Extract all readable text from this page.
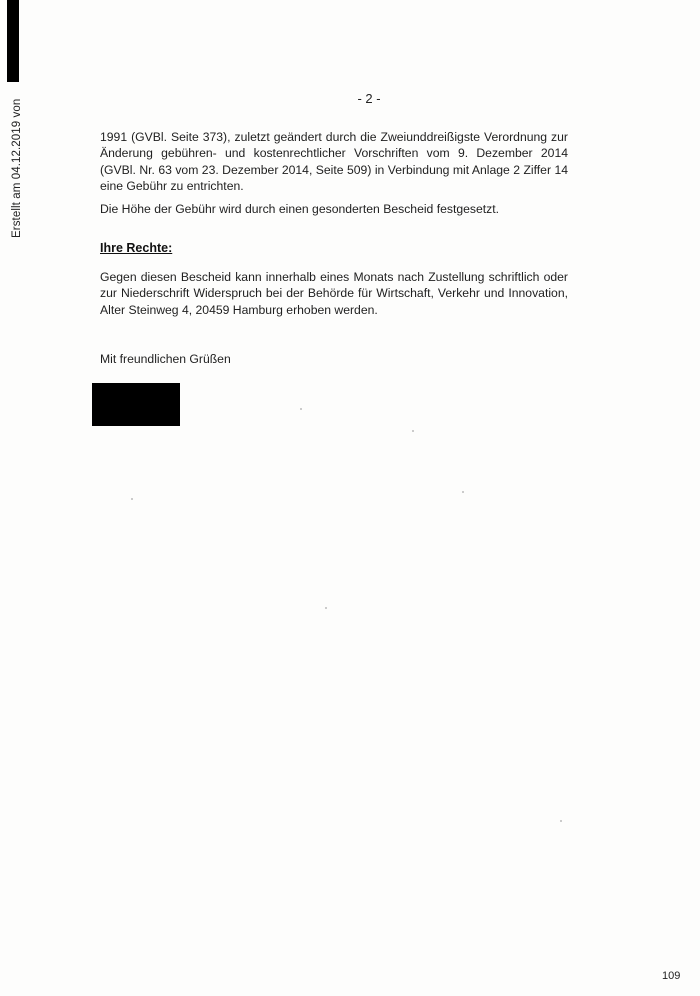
Erstellt am 04.12.2019 von
- 2 -
1991 (GVBl. Seite 373), zuletzt geändert durch die Zweiunddreißigste Verordnung zur Änderung gebühren- und kostenrechtlicher Vorschriften vom 9. Dezember 2014 (GVBl. Nr. 63 vom 23. Dezember 2014, Seite 509) in Verbindung mit Anlage 2 Ziffer 14 eine Gebühr zu entrichten.
Die Höhe der Gebühr wird durch einen gesonderten Bescheid festgesetzt.
Ihre Rechte:
Gegen diesen Bescheid kann innerhalb eines Monats nach Zustellung schriftlich oder zur Niederschrift Widerspruch bei der Behörde für Wirtschaft, Verkehr und Innovation, Alter Steinweg 4, 20459 Hamburg erhoben werden.
Mit freundlichen Grüßen
109
